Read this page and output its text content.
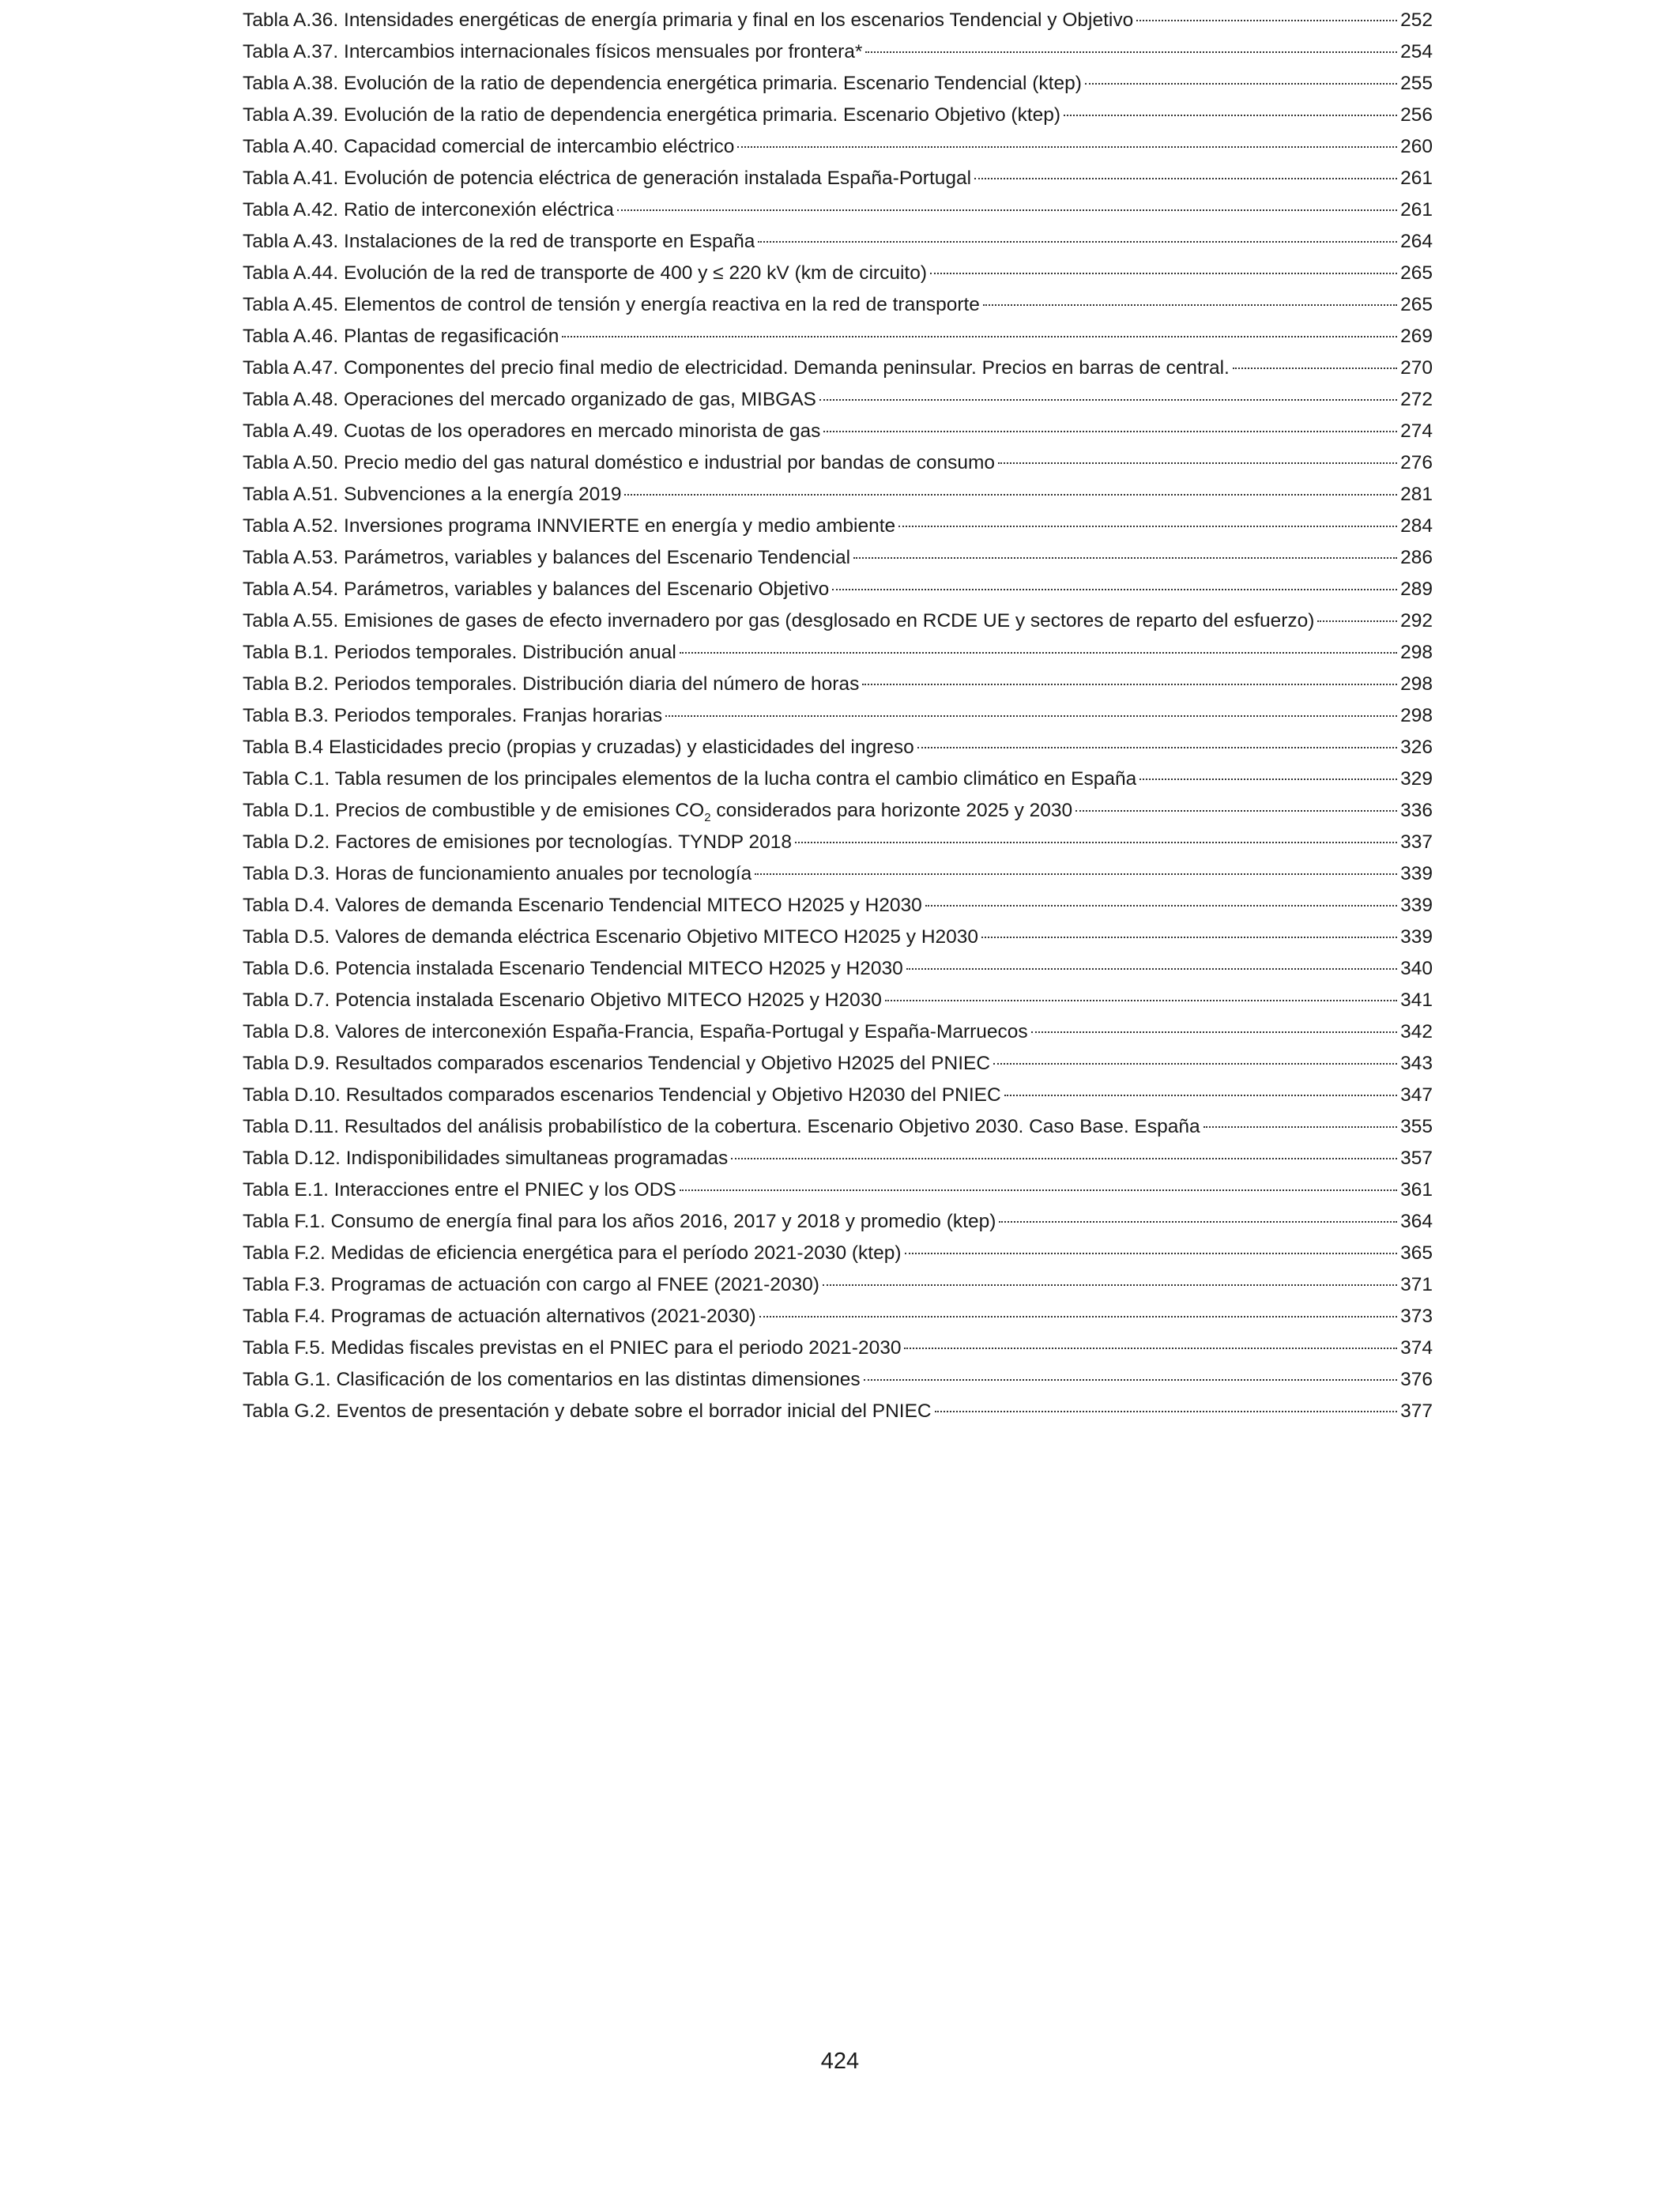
Tabla A.36. Intensidades energéticas de energía primaria y final en los escenarios Tendencial y Objetivo	252
Tabla A.37. Intercambios internacionales físicos mensuales por frontera*	254
Tabla A.38. Evolución de la ratio de dependencia energética primaria. Escenario Tendencial (ktep)	255
Tabla A.39. Evolución de la ratio de dependencia energética primaria. Escenario Objetivo (ktep)	256
Tabla A.40. Capacidad comercial de intercambio eléctrico	260
Tabla A.41. Evolución de potencia eléctrica de generación instalada España-Portugal	261
Tabla A.42. Ratio de interconexión eléctrica	261
Tabla A.43. Instalaciones de la red de transporte en España	264
Tabla A.44. Evolución de la red de transporte de 400 y ≤ 220 kV (km de circuito)	265
Tabla A.45. Elementos de control de tensión y energía reactiva en la red de transporte	265
Tabla A.46. Plantas de regasificación	269
Tabla A.47. Componentes del precio final medio de electricidad. Demanda peninsular. Precios en barras de central.	270
Tabla A.48. Operaciones del mercado organizado de gas, MIBGAS	272
Tabla A.49. Cuotas de los operadores en mercado minorista de gas	274
Tabla A.50. Precio medio del gas natural doméstico e industrial por bandas de consumo	276
Tabla A.51. Subvenciones a la energía 2019	281
Tabla A.52. Inversiones programa INNVIERTE en energía y medio ambiente	284
Tabla A.53. Parámetros, variables y balances del Escenario Tendencial	286
Tabla A.54. Parámetros, variables y balances del Escenario Objetivo	289
Tabla A.55. Emisiones de gases de efecto invernadero por gas (desglosado en RCDE UE y sectores de reparto del esfuerzo)	292
Tabla B.1. Periodos temporales. Distribución anual	298
Tabla B.2. Periodos temporales. Distribución diaria del número de horas	298
Tabla B.3. Periodos temporales. Franjas horarias	298
Tabla B.4 Elasticidades precio (propias y cruzadas) y elasticidades del ingreso	326
Tabla C.1. Tabla resumen de los principales elementos de la lucha contra el cambio climático en España	329
Tabla D.1. Precios de combustible y de emisiones $CO_2$ considerados para horizonte 2025 y 2030	336
Tabla D.2. Factores de emisiones por tecnologías. TYNDP 2018	337
Tabla D.3. Horas de funcionamiento anuales por tecnología	339
Tabla D.4. Valores de demanda Escenario Tendencial MITECO H2025 y H2030	339
Tabla D.5. Valores de demanda eléctrica Escenario Objetivo MITECO H2025 y H2030	339
Tabla D.6. Potencia instalada Escenario Tendencial MITECO H2025 y H2030	340
Tabla D.7. Potencia instalada Escenario Objetivo MITECO H2025 y H2030	341
Tabla D.8. Valores de interconexión España-Francia, España-Portugal y España-Marruecos	342
Tabla D.9. Resultados comparados escenarios Tendencial y Objetivo H2025 del PNIEC	343
Tabla D.10. Resultados comparados escenarios Tendencial y Objetivo H2030 del PNIEC	347
Tabla D.11. Resultados del análisis probabilístico de la cobertura. Escenario Objetivo 2030. Caso Base. España	355
Tabla D.12. Indisponibilidades simultaneas programadas	357
Tabla E.1. Interacciones entre el PNIEC y los ODS	361
Tabla F.1. Consumo de energía final para los años 2016, 2017 y 2018 y promedio (ktep)	364
Tabla F.2. Medidas de eficiencia energética para el período 2021-2030 (ktep)	365
Tabla F.3. Programas de actuación con cargo al FNEE (2021-2030)	371
Tabla F.4. Programas de actuación alternativos (2021-2030)	373
Tabla F.5. Medidas fiscales previstas en el PNIEC para el periodo 2021-2030	374
Tabla G.1. Clasificación de los comentarios en las distintas dimensiones	376
Tabla G.2. Eventos de presentación y debate sobre el borrador inicial del PNIEC	377
424
